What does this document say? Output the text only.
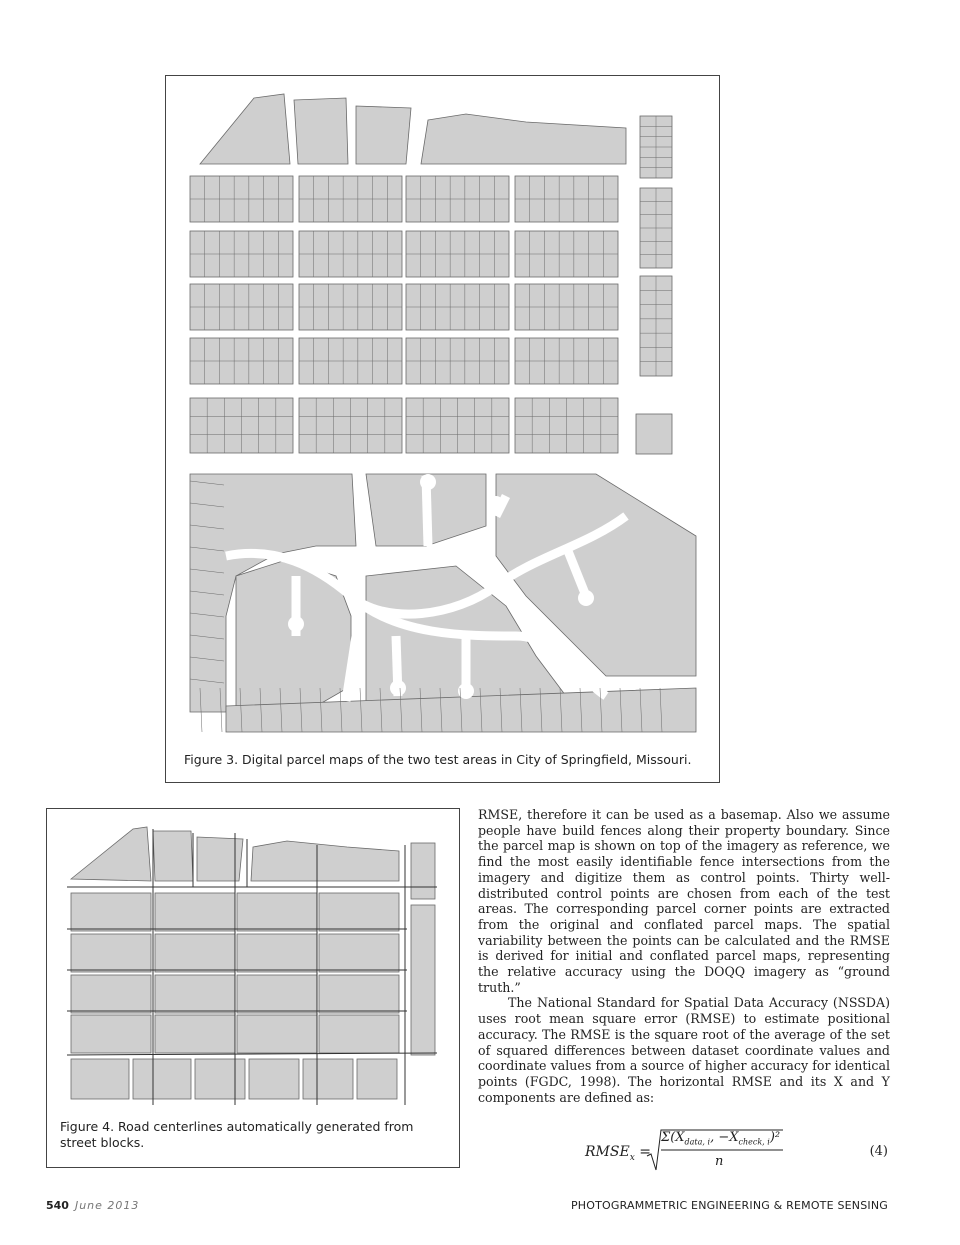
Figure 3. Digital parcel maps of the two test areas in City of Springfield, Missouri.
Figure 4. Road centerlines automatically generated from street blocks.

RMSE, therefore it can be used as a basemap. Also we assume people have build fences along their property boundary. Since the parcel map is shown on top of the imagery as reference, we find the most easily identifiable fence intersections from the imagery and digitize them as control points. Thirty well-distributed control points are chosen from each of the test areas. The corresponding parcel corner points are extracted from the original and conflated parcel maps. The spatial variability between the points can be calculated and the RMSE is derived for initial and conflated parcel maps, representing the relative accuracy using the DOQQ imagery as “ground truth.”

The National Standard for Spatial Data Accuracy (NSSDA) uses root mean square error (RMSE) to estimate positional accuracy. The RMSE is the square root of the average of the set of squared differences between dataset coordinate values and coordinate values from a source of higher accuracy for identical points (FGDC, 1998). The horizontal RMSE and its X and Y components are defined as:

$RMSE_x$ =
$\Sigma(X_{data, i}$, $-X_{check, i})^2$
n
(4)
540 June 2013	PHOTOGRAMMETRIC ENGINEERING & REMOTE SENSING
